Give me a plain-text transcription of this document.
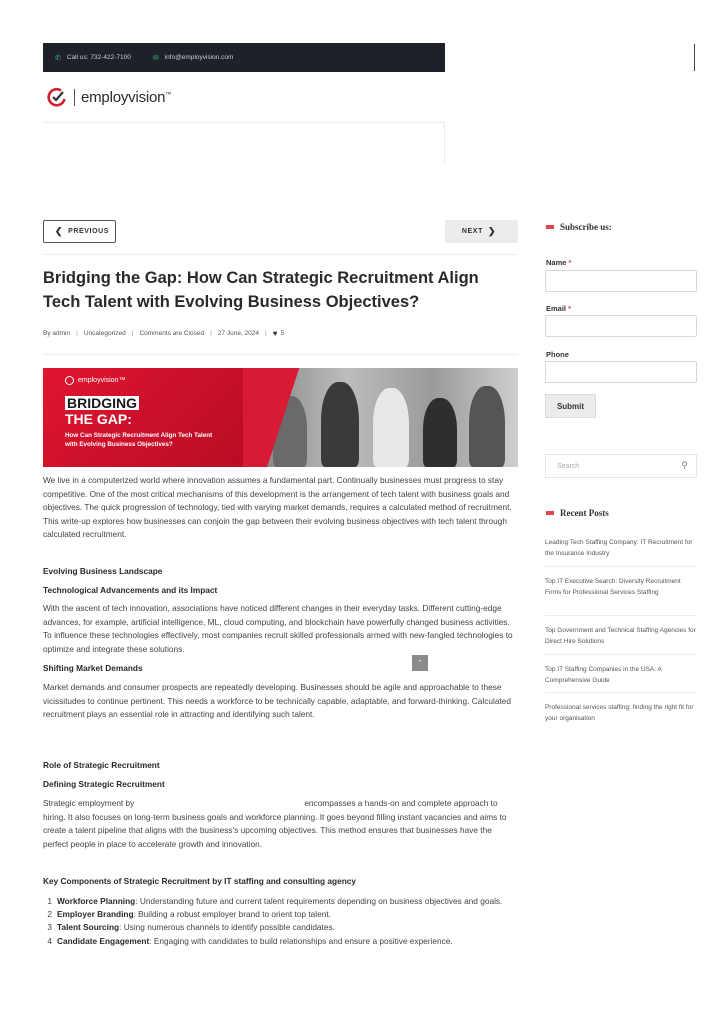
✆ Call us: 732-422-7100	✉ info@employvision.com
employvision™
❮ PREVIOUS	NEXT ❯
Bridging the Gap: How Can Strategic Recruitment Align Tech Talent with Evolving Business Objectives?
By admin | Uncategorized | Comments are Closed | 27 June, 2024 | ♥ 5
employvision™
BRIDGING
THE GAP:
How Can Strategic Recruitment Align Tech Talent with Evolving Business Objectives?

We live in a computerized world where innovation assumes a fundamental part. Continually businesses must progress to stay competitive. One of the most critical mechanisms of this development is the arrangement of tech talent with business goals and objectives. The quick progression of technology, tied with varying market demands, requires a calculated method of recruitment. This write-up explores how businesses can conjoin the gap between their evolving business objectives with tech talent through calculated recruitment.

Evolving Business Landscape
Technological Advancements and its Impact

With the ascent of tech innovation, associations have noticed different changes in their everyday tasks. Different cutting-edge advances, for example, artificial intelligence, ML, cloud computing, and blockchain have powerfully changed business activities. To influence these technologies effectively, most companies recruit skilled professionals armed with new-fangled technologies to optimize and integrate these solutions.

⌃
Shifting Market Demands

Market demands and consumer prospects are repeatedly developing. Businesses should be agile and approachable to these vicissitudes to continue pertinent. This needs a workforce to be technically capable, adaptable, and forward-thinking. Calculated recruitment plays an essential role in attracting and identifying such talent.

Role of Strategic Recruitment
Defining Strategic Recruitment
Strategic employment by	encompasses a hands-on and complete approach to hiring. It also focuses on long-term business goals and workforce planning. It goes beyond filling instant vacancies and aims to create a talent pipeline that aligns with the business's upcoming objectives. This method ensures that businesses have the perfect people in place to accelerate growth and innovation.
Key Components of Strategic Recruitment by IT staffing and consulting agency
1 Workforce Planning: Understanding future and current talent requirements depending on business objectives and goals.
2 Employer Branding: Building a robust employer brand to orient top talent.
3 Talent Sourcing: Using numerous channels to identify possible candidates.
4 Candidate Engagement: Engaging with candidates to build relationships and ensure a positive experience.
Subscribe us:
Name *
Email *
Phone
Submit
Search	⚲
Recent Posts
Leading Tech Staffing Company: IT Recruitment for the Insurance Industry
Top IT Executive Search: Diversity Recruitment Firms for Professional Services Staffing
Top Government and Technical Staffing Agencies for Direct Hire Solutions
Top IT Staffing Companies in the USA: A Comprehensive Guide
Professional services staffing: finding the right fit for your organisation
